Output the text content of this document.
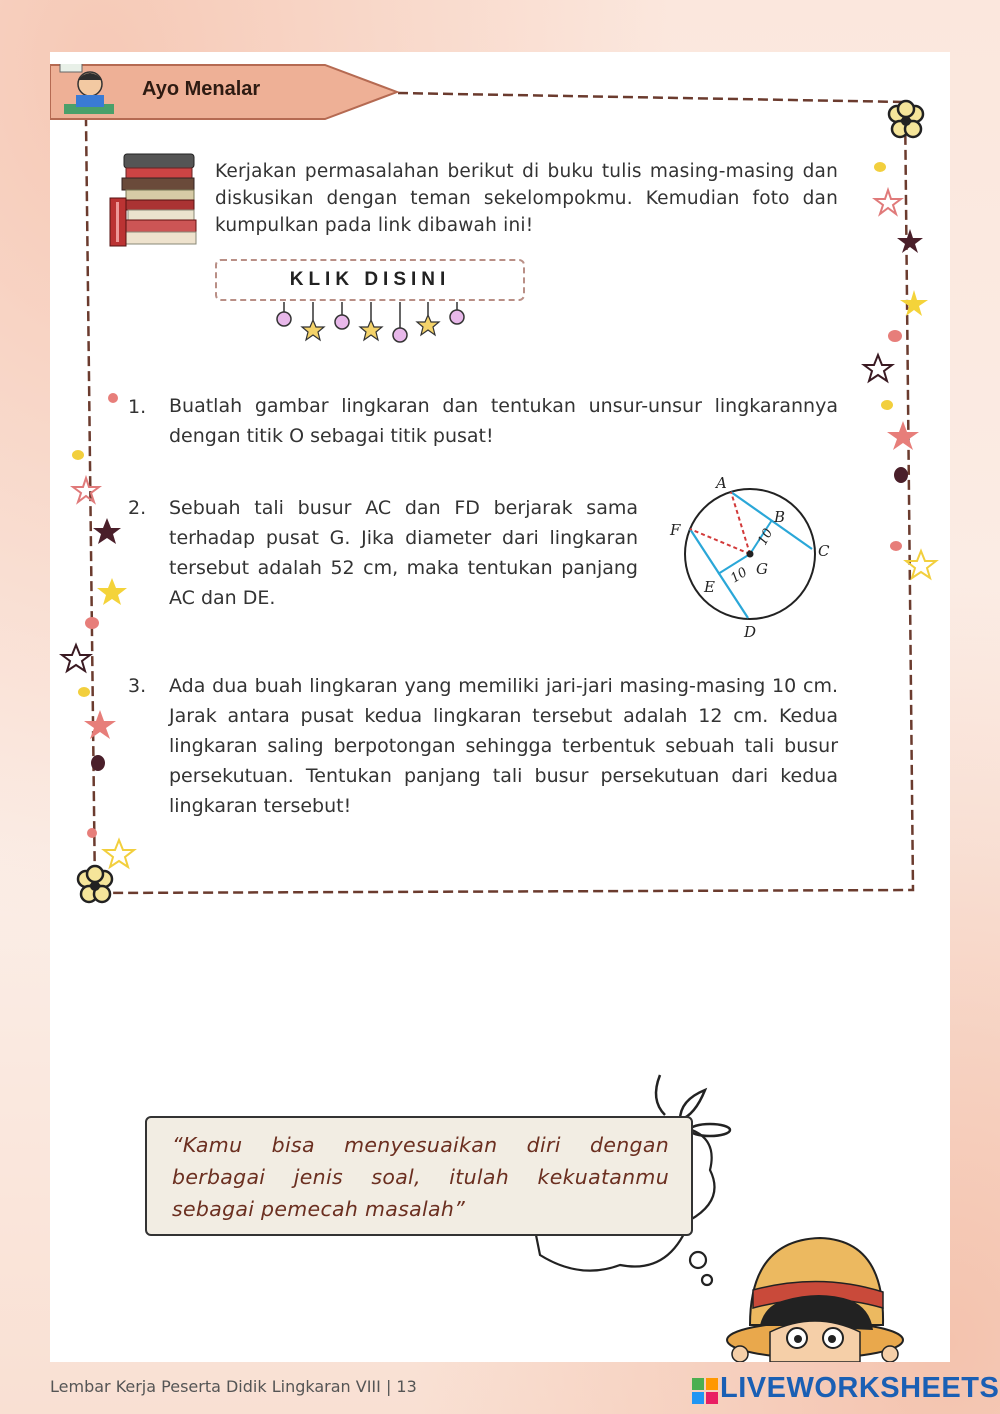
Ayo Menalar
Kerjakan permasalahan berikut di buku tulis masing-masing dan diskusikan dengan teman sekelompokmu. Kemudian foto dan kumpulkan pada link dibawah ini!
KLIK DISINI
1. Buatlah gambar lingkaran dan tentukan unsur-unsur lingkarannya dengan titik O sebagai titik pusat!
2. Sebuah tali busur AC dan FD berjarak sama terhadap pusat G. Jika diameter dari lingkaran tersebut adalah 52 cm, maka tentukan panjang AC dan DE.
3. Ada dua buah lingkaran yang memiliki jari-jari masing-masing 10 cm. Jarak antara pusat kedua lingkaran tersebut adalah 12 cm. Kedua lingkaran saling berpotongan sehingga terbentuk sebuah tali busur persekutuan. Tentukan panjang tali busur persekutuan dari kedua lingkaran tersebut!
A
B
C
D
E
F
G
10
10
“Kamu bisa menyesuaikan diri dengan berbagai jenis soal, itulah kekuatanmu sebagai pemecah masalah”
Lembar Kerja Peserta Didik Lingkaran VIII | 13	LIVEWORKSHEETS
